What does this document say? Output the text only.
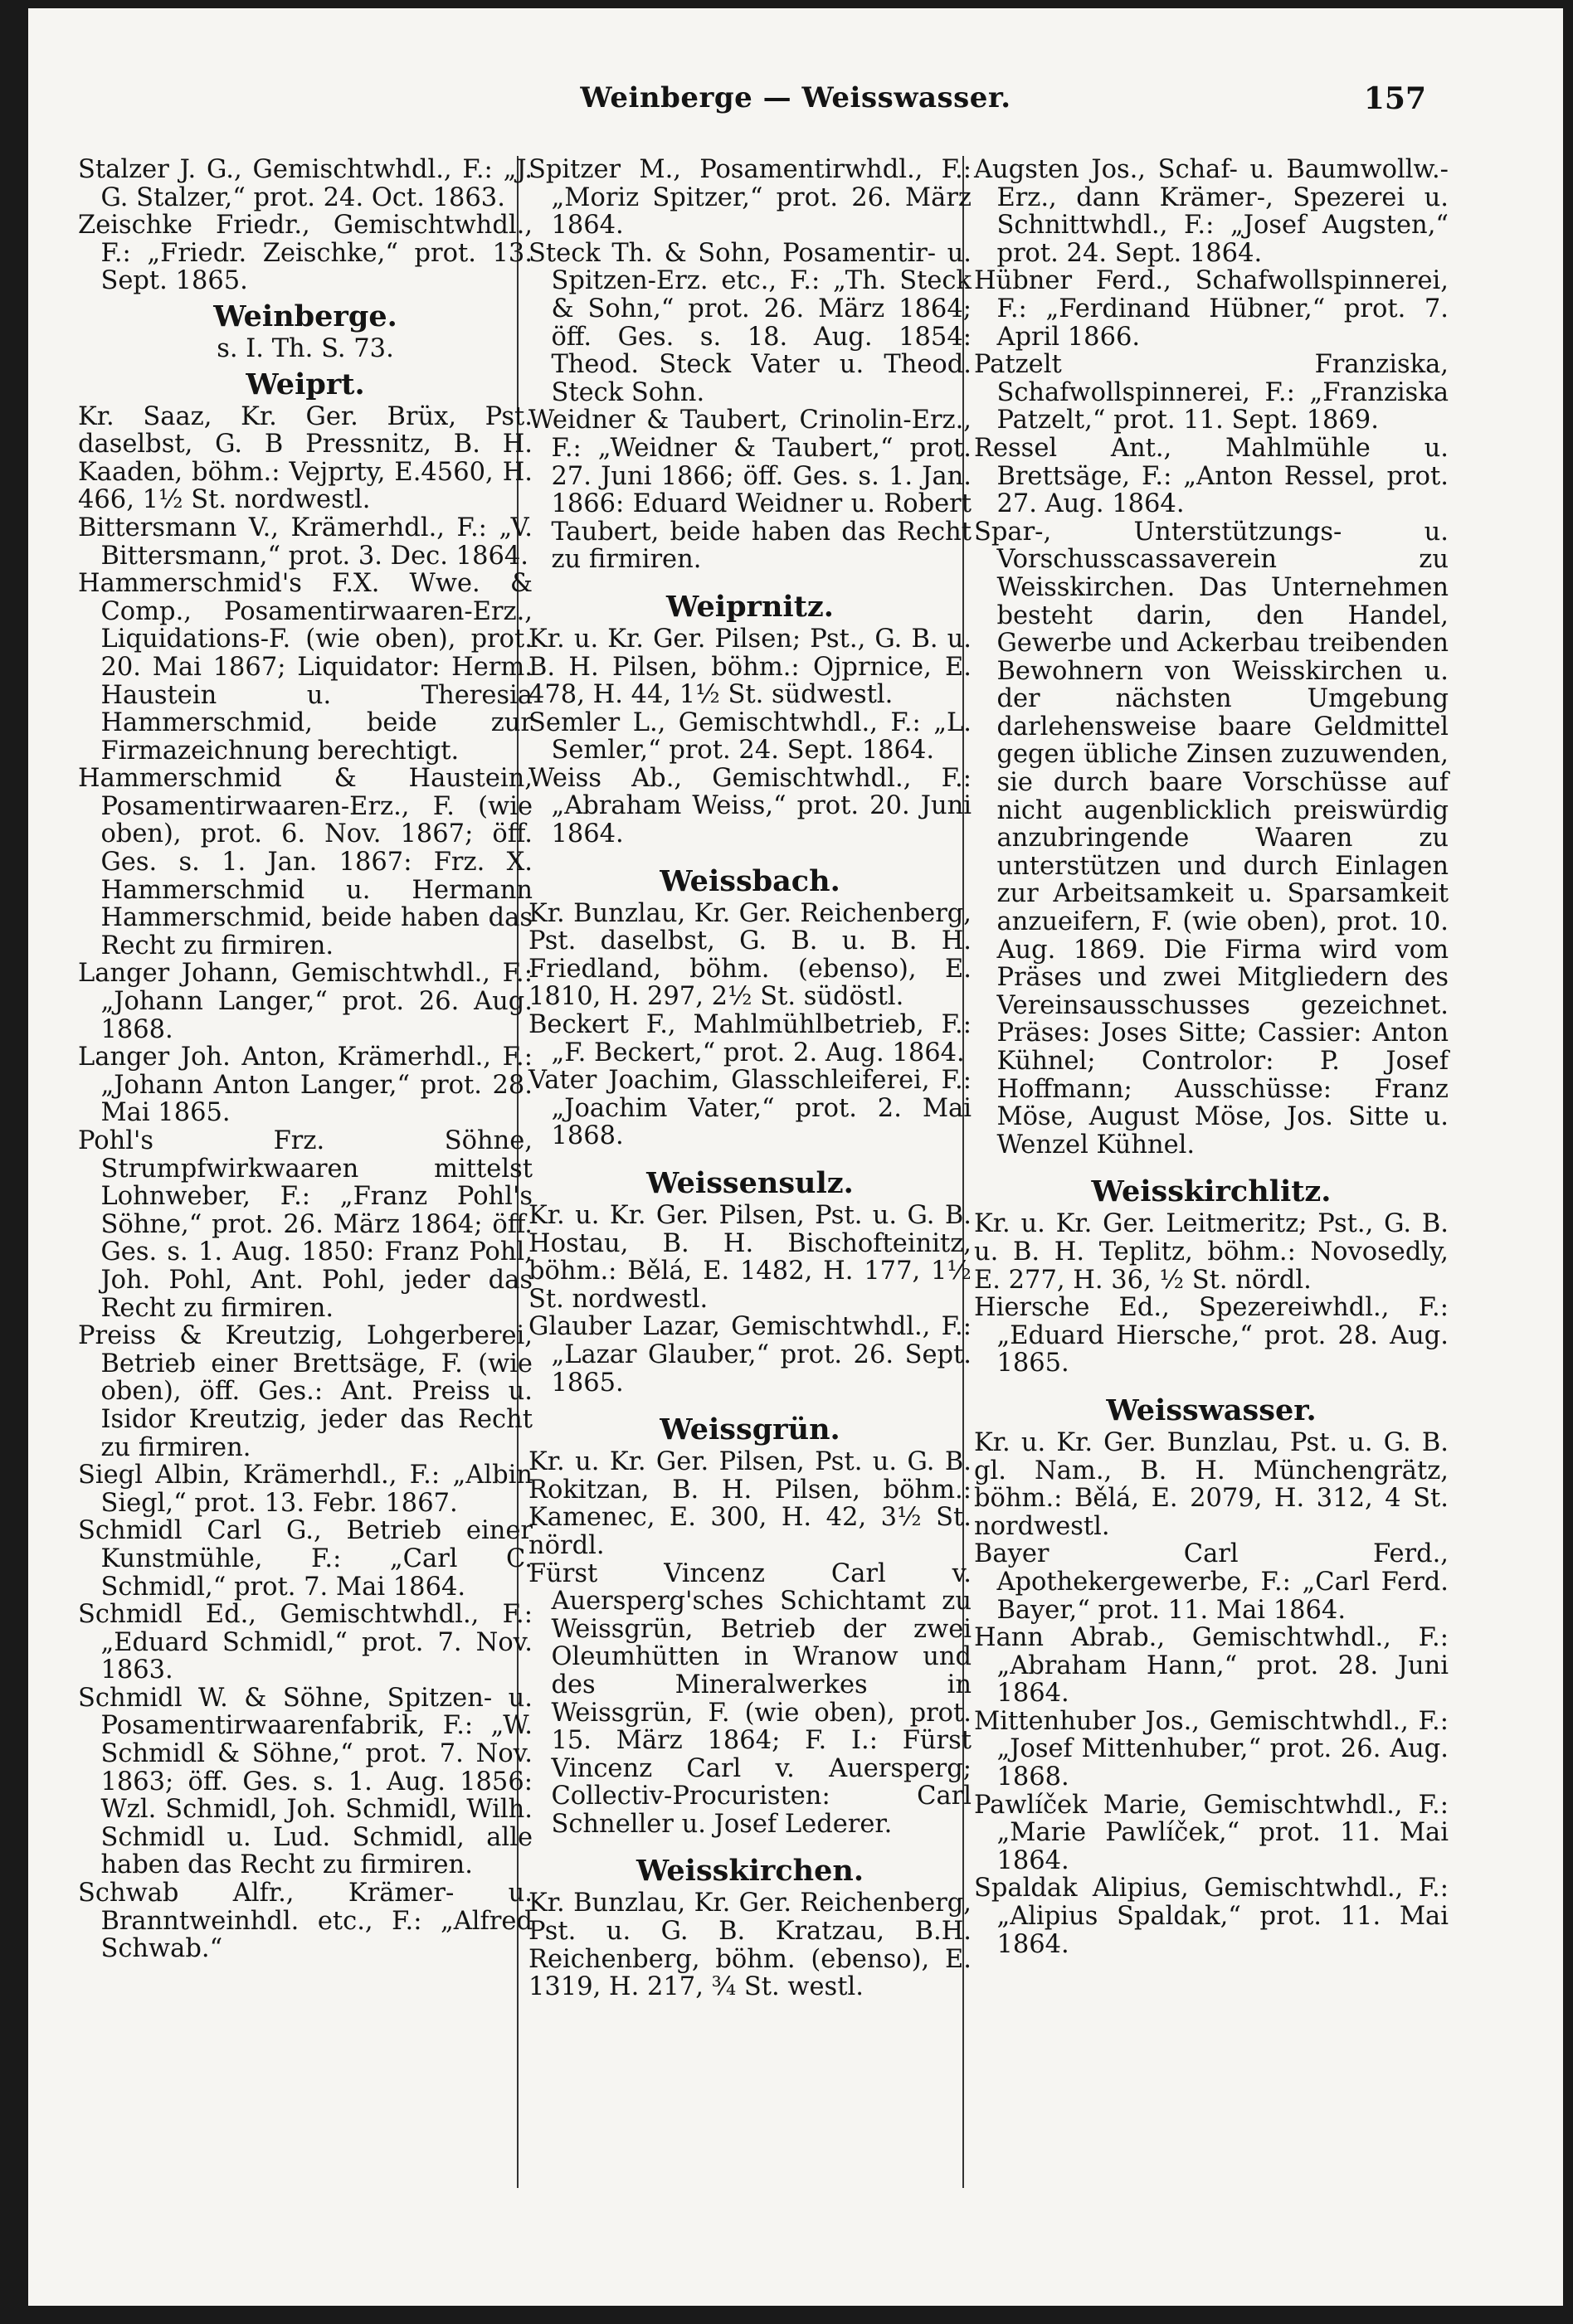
Weinberge — Weisswasser.	157

Stalzer J. G., Gemischtwhdl., F.: „J. G. Stalzer,“ prot. 24. Oct. 1863.

Zeischke Friedr., Gemischtwhdl., F.: „Friedr. Zeischke,“ prot. 13. Sept. 1865.

Weinberge.

s. I. Th. S. 73.

Weiprt.

Kr. Saaz, Kr. Ger. Brüx, Pst. daselbst, G. B Pressnitz, B. H. Kaaden, böhm.: Vejprty, E.4560, H. 466, 1½ St. nordwestl.

Bittersmann V., Krämerhdl., F.: „V. Bittersmann,“ prot. 3. Dec. 1864.

Hammerschmid's F.X. Wwe. & Comp., Posamentirwaaren-Erz., Liquidations-F. (wie oben), prot. 20. Mai 1867; Liquidator: Herm. Haustein u. Theresia Hammerschmid, beide zur Firmazeichnung berechtigt.

Hammerschmid & Haustein, Posamentirwaaren-Erz., F. (wie oben), prot. 6. Nov. 1867; öff. Ges. s. 1. Jan. 1867: Frz. X. Hammerschmid u. Hermann Hammerschmid, beide haben das Recht zu firmiren.

Langer Johann, Gemischtwhdl., F.: „Johann Langer,“ prot. 26. Aug. 1868.

Langer Joh. Anton, Krämerhdl., F.: „Johann Anton Langer,“ prot. 28. Mai 1865.

Pohl's Frz. Söhne, Strumpfwirkwaaren mittelst Lohnweber, F.: „Franz Pohl's Söhne,“ prot. 26. März 1864; öff. Ges. s. 1. Aug. 1850: Franz Pohl, Joh. Pohl, Ant. Pohl, jeder das Recht zu firmiren.

Preiss & Kreutzig, Lohgerberei, Betrieb einer Brettsäge, F. (wie oben), öff. Ges.: Ant. Preiss u. Isidor Kreutzig, jeder das Recht zu firmiren.

Siegl Albin, Krämerhdl., F.: „Albin Siegl,“ prot. 13. Febr. 1867.

Schmidl Carl G., Betrieb einer Kunstmühle, F.: „Carl C. Schmidl,“ prot. 7. Mai 1864.

Schmidl Ed., Gemischtwhdl., F.: „Eduard Schmidl,“ prot. 7. Nov. 1863.

Schmidl W. & Söhne, Spitzen- u. Posamentirwaarenfabrik, F.: „W. Schmidl & Söhne,“ prot. 7. Nov. 1863; öff. Ges. s. 1. Aug. 1856: Wzl. Schmidl, Joh. Schmidl, Wilh. Schmidl u. Lud. Schmidl, alle haben das Recht zu firmiren.

Schwab Alfr., Krämer- u. Branntweinhdl. etc., F.: „Alfred Schwab.“

Spitzer M., Posamentirwhdl., F.: „Moriz Spitzer,“ prot. 26. März 1864.

Steck Th. & Sohn, Posamentir- u. Spitzen-Erz. etc., F.: „Th. Steck & Sohn,“ prot. 26. März 1864; öff. Ges. s. 18. Aug. 1854: Theod. Steck Vater u. Theod. Steck Sohn.

Weidner & Taubert, Crinolin-Erz., F.: „Weidner & Taubert,“ prot. 27. Juni 1866; öff. Ges. s. 1. Jan. 1866: Eduard Weidner u. Robert Taubert, beide haben das Recht zu firmiren.

Weiprnitz.

Kr. u. Kr. Ger. Pilsen; Pst., G. B. u. B. H. Pilsen, böhm.: Ojprnice, E. 478, H. 44, 1½ St. südwestl.

Semler L., Gemischtwhdl., F.: „L. Semler,“ prot. 24. Sept. 1864.

Weiss Ab., Gemischtwhdl., F.: „Abraham Weiss,“ prot. 20. Juni 1864.

Weissbach.

Kr. Bunzlau, Kr. Ger. Reichenberg, Pst. daselbst, G. B. u. B. H. Friedland, böhm. (ebenso), E. 1810, H. 297, 2½ St. südöstl.

Beckert F., Mahlmühlbetrieb, F.: „F. Beckert,“ prot. 2. Aug. 1864.

Vater Joachim, Glasschleiferei, F.: „Joachim Vater,“ prot. 2. Mai 1868.

Weissensulz.

Kr. u. Kr. Ger. Pilsen, Pst. u. G. B. Hostau, B. H. Bischofteinitz, böhm.: Bělá, E. 1482, H. 177, 1½ St. nordwestl.

Glauber Lazar, Gemischtwhdl., F.: „Lazar Glauber,“ prot. 26. Sept. 1865.

Weissgrün.

Kr. u. Kr. Ger. Pilsen, Pst. u. G. B. Rokitzan, B. H. Pilsen, böhm.: Kamenec, E. 300, H. 42, 3½ St. nördl.

Fürst Vincenz Carl v. Auersperg'sches Schichtamt zu Weissgrün, Betrieb der zwei Oleumhütten in Wranow und des Mineralwerkes in Weissgrün, F. (wie oben), prot. 15. März 1864; F. I.: Fürst Vincenz Carl v. Auersperg; Collectiv-Procuristen: Carl Schneller u. Josef Lederer.

Weisskirchen.

Kr. Bunzlau, Kr. Ger. Reichenberg, Pst. u. G. B. Kratzau, B.H. Reichenberg, böhm. (ebenso), E. 1319, H. 217, ¾ St. westl.

Augsten Jos., Schaf- u. Baumwollw.-Erz., dann Krämer-, Spezerei u. Schnittwhdl., F.: „Josef Augsten,“ prot. 24. Sept. 1864.

Hübner Ferd., Schafwollspinnerei, F.: „Ferdinand Hübner,“ prot. 7. April 1866.

Patzelt Franziska, Schafwollspinnerei, F.: „Franziska Patzelt,“ prot. 11. Sept. 1869.

Ressel Ant., Mahlmühle u. Brettsäge, F.: „Anton Ressel, prot. 27. Aug. 1864.

Spar-, Unterstützungs- u. Vorschusscassaverein zu Weisskirchen. Das Unternehmen besteht darin, den Handel, Gewerbe und Ackerbau treibenden Bewohnern von Weisskirchen u. der nächsten Umgebung darlehensweise baare Geldmittel gegen übliche Zinsen zuzuwenden, sie durch baare Vorschüsse auf nicht augenblicklich preiswürdig anzubringende Waaren zu unterstützen und durch Einlagen zur Arbeitsamkeit u. Sparsamkeit anzueifern, F. (wie oben), prot. 10. Aug. 1869. Die Firma wird vom Präses und zwei Mitgliedern des Vereinsausschusses gezeichnet. Präses: Joses Sitte; Cassier: Anton Kühnel; Controlor: P. Josef Hoffmann; Ausschüsse: Franz Möse, August Möse, Jos. Sitte u. Wenzel Kühnel.

Weisskirchlitz.

Kr. u. Kr. Ger. Leitmeritz; Pst., G. B. u. B. H. Teplitz, böhm.: Novosedly, E. 277, H. 36, ½ St. nördl.

Hiersche Ed., Spezereiwhdl., F.: „Eduard Hiersche,“ prot. 28. Aug. 1865.

Weisswasser.

Kr. u. Kr. Ger. Bunzlau, Pst. u. G. B. gl. Nam., B. H. Münchengrätz, böhm.: Bělá, E. 2079, H. 312, 4 St. nordwestl.

Bayer Carl Ferd., Apothekergewerbe, F.: „Carl Ferd. Bayer,“ prot. 11. Mai 1864.

Hann Abrab., Gemischtwhdl., F.: „Abraham Hann,“ prot. 28. Juni 1864.

Mittenhuber Jos., Gemischtwhdl., F.: „Josef Mittenhuber,“ prot. 26. Aug. 1868.

Pawlíček Marie, Gemischtwhdl., F.: „Marie Pawlíček,“ prot. 11. Mai 1864.

Spaldak Alipius, Gemischtwhdl., F.: „Alipius Spaldak,“ prot. 11. Mai 1864.
